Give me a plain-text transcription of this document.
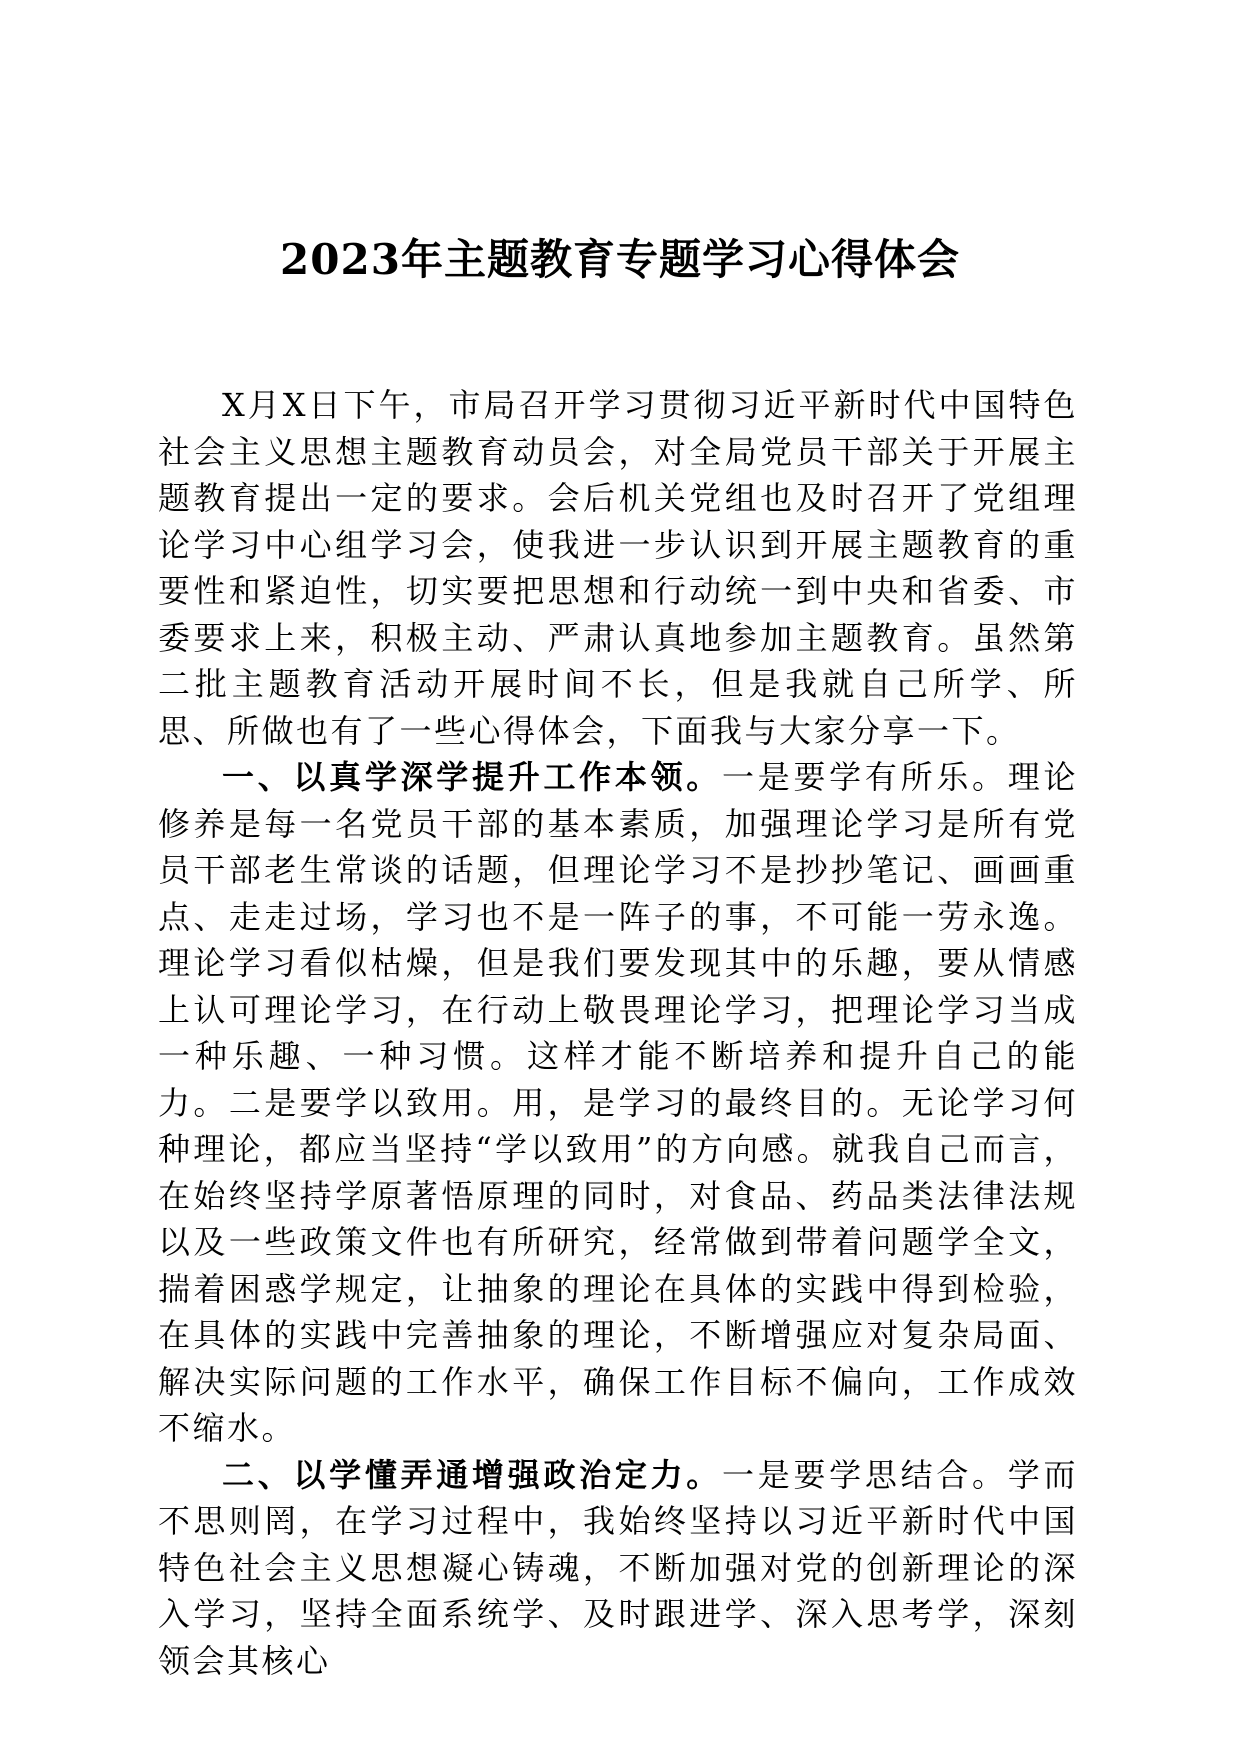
2023年主题教育专题学习心得体会

X月X日下午，市局召开学习贯彻习近平新时代中国特色社会主义思想主题教育动员会，对全局党员干部关于开展主题教育提出一定的要求。会后机关党组也及时召开了党组理论学习中心组学习会，使我进一步认识到开展主题教育的重要性和紧迫性，切实要把思想和行动统一到中央和省委、市委要求上来，积极主动、严肃认真地参加主题教育。虽然第二批主题教育活动开展时间不长，但是我就自己所学、所思、所做也有了一些心得体会，下面我与大家分享一下。

一、以真学深学提升工作本领。一是要学有所乐。理论修养是每一名党员干部的基本素质，加强理论学习是所有党员干部老生常谈的话题，但理论学习不是抄抄笔记、画画重点、走走过场，学习也不是一阵子的事，不可能一劳永逸。理论学习看似枯燥，但是我们要发现其中的乐趣，要从情感上认可理论学习，在行动上敬畏理论学习，把理论学习当成一种乐趣、一种习惯。这样才能不断培养和提升自己的能力。二是要学以致用。用，是学习的最终目的。无论学习何种理论，都应当坚持“学以致用”的方向感。就我自己而言，在始终坚持学原著悟原理的同时，对食品、药品类法律法规以及一些政策文件也有所研究，经常做到带着问题学全文，揣着困惑学规定，让抽象的理论在具体的实践中得到检验，在具体的实践中完善抽象的理论，不断增强应对复杂局面、解决实际问题的工作水平，确保工作目标不偏向，工作成效不缩水。

二、以学懂弄通增强政治定力。一是要学思结合。学而不思则罔，在学习过程中，我始终坚持以习近平新时代中国特色社会主义思想凝心铸魂，不断加强对党的创新理论的深入学习，坚持全面系统学、及时跟进学、深入思考学，深刻领会其核心
